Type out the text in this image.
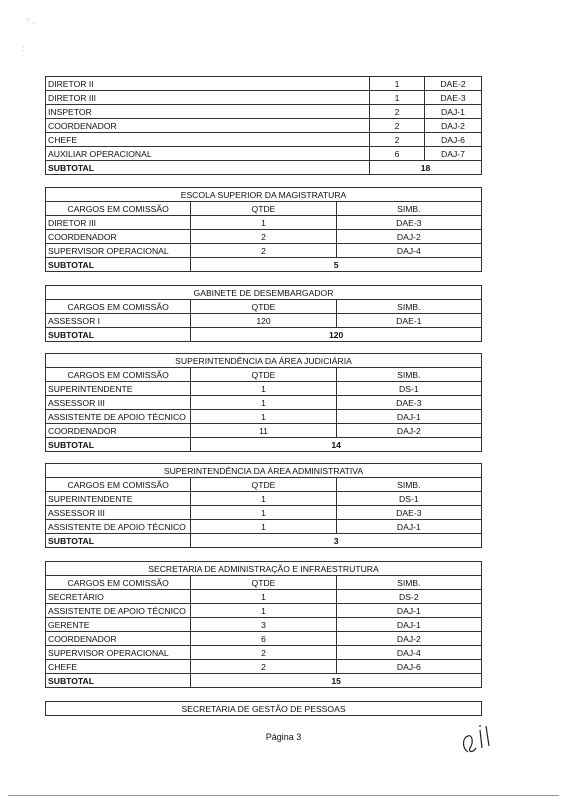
· ˌ
:
DIRETOR II	1	DAE-2
DIRETOR III	1	DAE-3
INSPETOR	2	DAJ-1
COORDENADOR	2	DAJ-2
CHEFE	2	DAJ-6
AUXILIAR OPERACIONAL	6	DAJ-7
SUBTOTAL	18	
ESCOLA SUPERIOR DA MAGISTRATURA		
CARGOS EM COMISSÃO	QTDE	SIMB.
DIRETOR III	1	DAE-3
COORDENADOR	2	DAJ-2
SUPERVISOR OPERACIONAL	2	DAJ-4
SUBTOTAL	5	
GABINETE DE DESEMBARGADOR		
CARGOS EM COMISSÃO	QTDE	SIMB.
ASSESSOR I	120	DAE-1
SUBTOTAL	120	
SUPERINTENDÊNCIA DA ÁREA JUDICIÁRIA		
CARGOS EM COMISSÃO	QTDE	SIMB.
SUPERINTENDENTE	1	DS-1
ASSESSOR III	1	DAE-3
ASSISTENTE DE APOIO TÉCNICO	1	DAJ-1
COORDENADOR	11	DAJ-2
SUBTOTAL	14	
SUPERINTENDÊNCIA DA ÁREA ADMINISTRATIVA		
CARGOS EM COMISSÃO	QTDE	SIMB.
SUPERINTENDENTE	1	DS-1
ASSESSOR III	1	DAE-3
ASSISTENTE DE APOIO TÉCNICO	1	DAJ-1
SUBTOTAL	3	
SECRETARIA DE ADMINISTRAÇÃO E INFRAESTRUTURA		
CARGOS EM COMISSÃO	QTDE	SIMB.
SECRETÁRIO	1	DS-2
ASSISTENTE DE APOIO TÉCNICO	1	DAJ-1
GERENTE	3	DAJ-1
COORDENADOR	6	DAJ-2
SUPERVISOR OPERACIONAL	2	DAJ-4
CHEFE	2	DAJ-6
SUBTOTAL	15	
SECRETARIA DE GESTÃO DE PESSOAS
Página 3
